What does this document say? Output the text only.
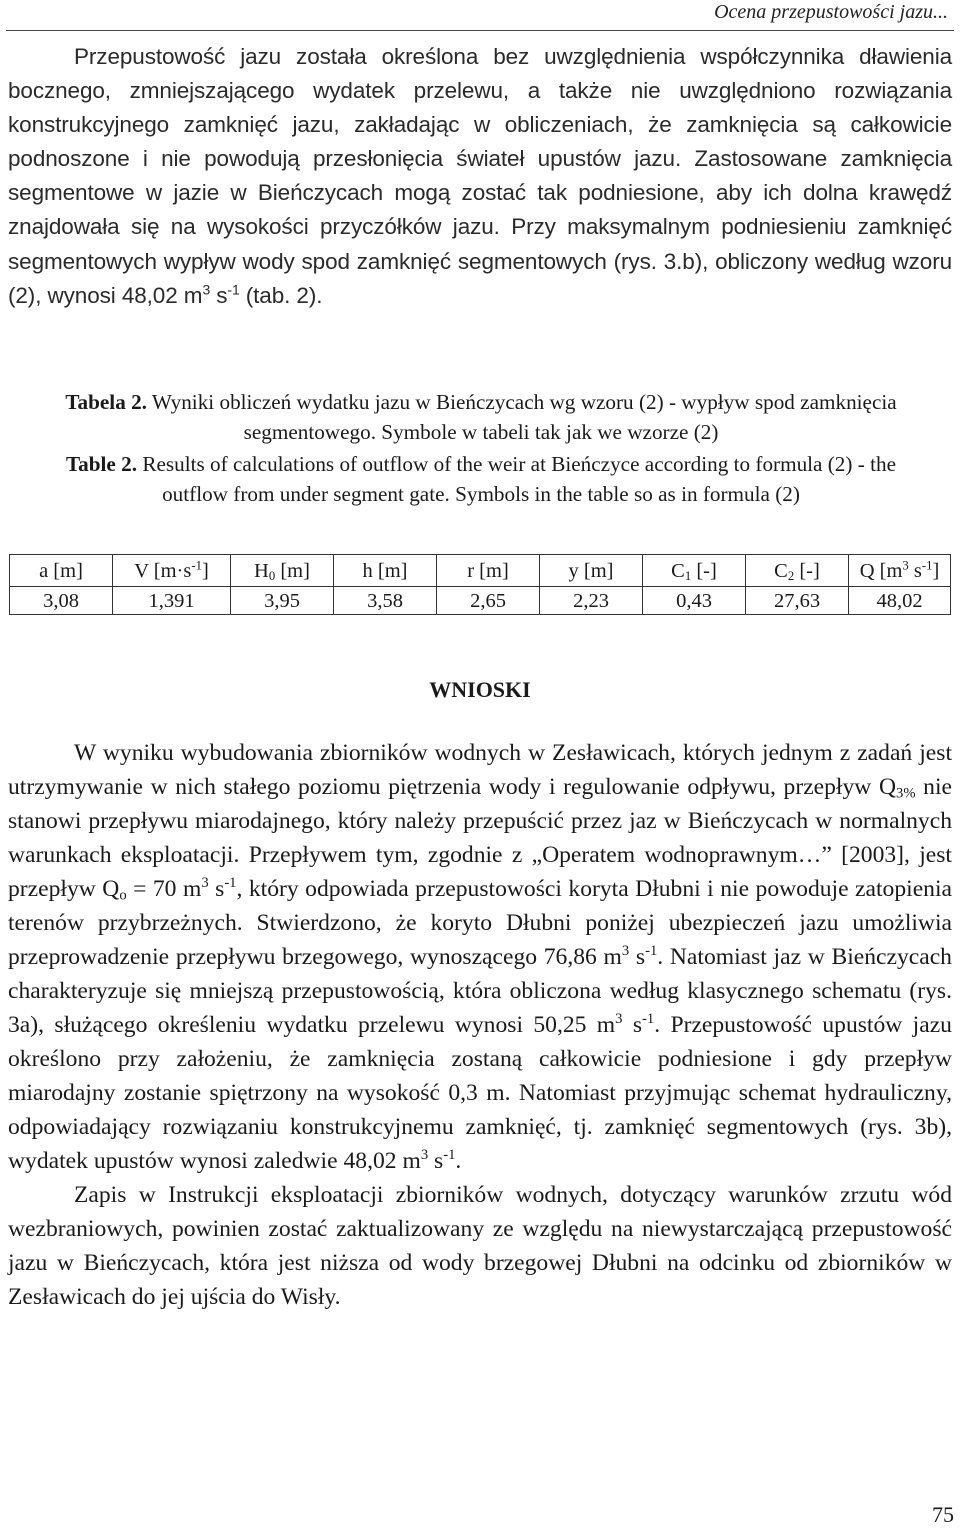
Ocena przepustowości jazu...

Przepustowość jazu została określona bez uwzględnienia współczynnika dławienia bocznego, zmniejszającego wydatek przelewu, a także nie uwzględniono rozwiązania konstrukcyjnego zamknięć jazu, zakładając w obliczeniach, że zamknięcia są całkowicie podnoszone i nie powodują przesłonięcia świateł upustów jazu. Zastosowane zamknięcia segmentowe w jazie w Bieńczycach mogą zostać tak podniesione, aby ich dolna krawędź znajdowała się na wysokości przyczółków jazu. Przy maksymalnym podniesieniu zamknięć segmentowych wypływ wody spod zamknięć segmentowych (rys. 3.b), obliczony według wzoru (2), wynosi 48,02 $m^3$ $s^{-1}$ (tab. 2).

Tabela 2. Wyniki obliczeń wydatku jazu w Bieńczycach wg wzoru (2) - wypływ spod zamknięcia segmentowego. Symbole w tabeli tak jak we wzorze (2)
Table 2. Results of calculations of outflow of the weir at Bieńczyce according to formula (2) - the outflow from under segment gate. Symbols in the table so as in formula (2)
a [m]	V $[m\cdot s^{-1}]$	$H_0$ [m]	h [m]	r [m]	y [m]	$C_1$ [-]	$C_2$ [-]	Q [$m^3$ $s^{-1}$]
3,08	1,391	3,95	3,58	2,65	2,23	0,43	27,63	48,02
WNIOSKI

W wyniku wybudowania zbiorników wodnych w Zesławicach, których jednym z zadań jest utrzymywanie w nich stałego poziomu piętrzenia wody i regulowanie odpływu, przepływ $Q_{3\%}$ nie stanowi przepływu miarodajnego, który należy przepuścić przez jaz w Bieńczycach w normalnych warunkach eksploatacji. Przepływem tym, zgodnie z „Operatem wodnoprawnym…” [2003], jest przepływ $Q_o = 70$ $m^3$ $s^{-1}$, który odpowiada przepustowości koryta Dłubni i nie powoduje zatopienia terenów przybrzeżnych. Stwierdzono, że koryto Dłubni poniżej ubezpieczeń jazu umożliwia przeprowadzenie przepływu brzegowego, wynoszącego 76,86 $m^3$ $s^{-1}$. Natomiast jaz w Bieńczycach charakteryzuje się mniejszą przepustowością, która obliczona według klasycznego schematu (rys. 3a), służącego określeniu wydatku przelewu wynosi 50,25 $m^3$ $s^{-1}$. Przepustowość upustów jazu określono przy założeniu, że zamknięcia zostaną całkowicie podniesione i gdy przepływ miarodajny zostanie spiętrzony na wysokość 0,3 m. Natomiast przyjmując schemat hydrauliczny, odpowiadający rozwiązaniu konstrukcyjnemu zamknięć, tj. zamknięć segmentowych (rys. 3b), wydatek upustów wynosi zaledwie 48,02 $m^3$ $s^{-1}$.

Zapis w Instrukcji eksploatacji zbiorników wodnych, dotyczący warunków zrzutu wód wezbraniowych, powinien zostać zaktualizowany ze względu na niewystarczającą przepustowość jazu w Bieńczycach, która jest niższa od wody brzegowej Dłubni na odcinku od zbiorników w Zesławicach do jej ujścia do Wisły.

75
